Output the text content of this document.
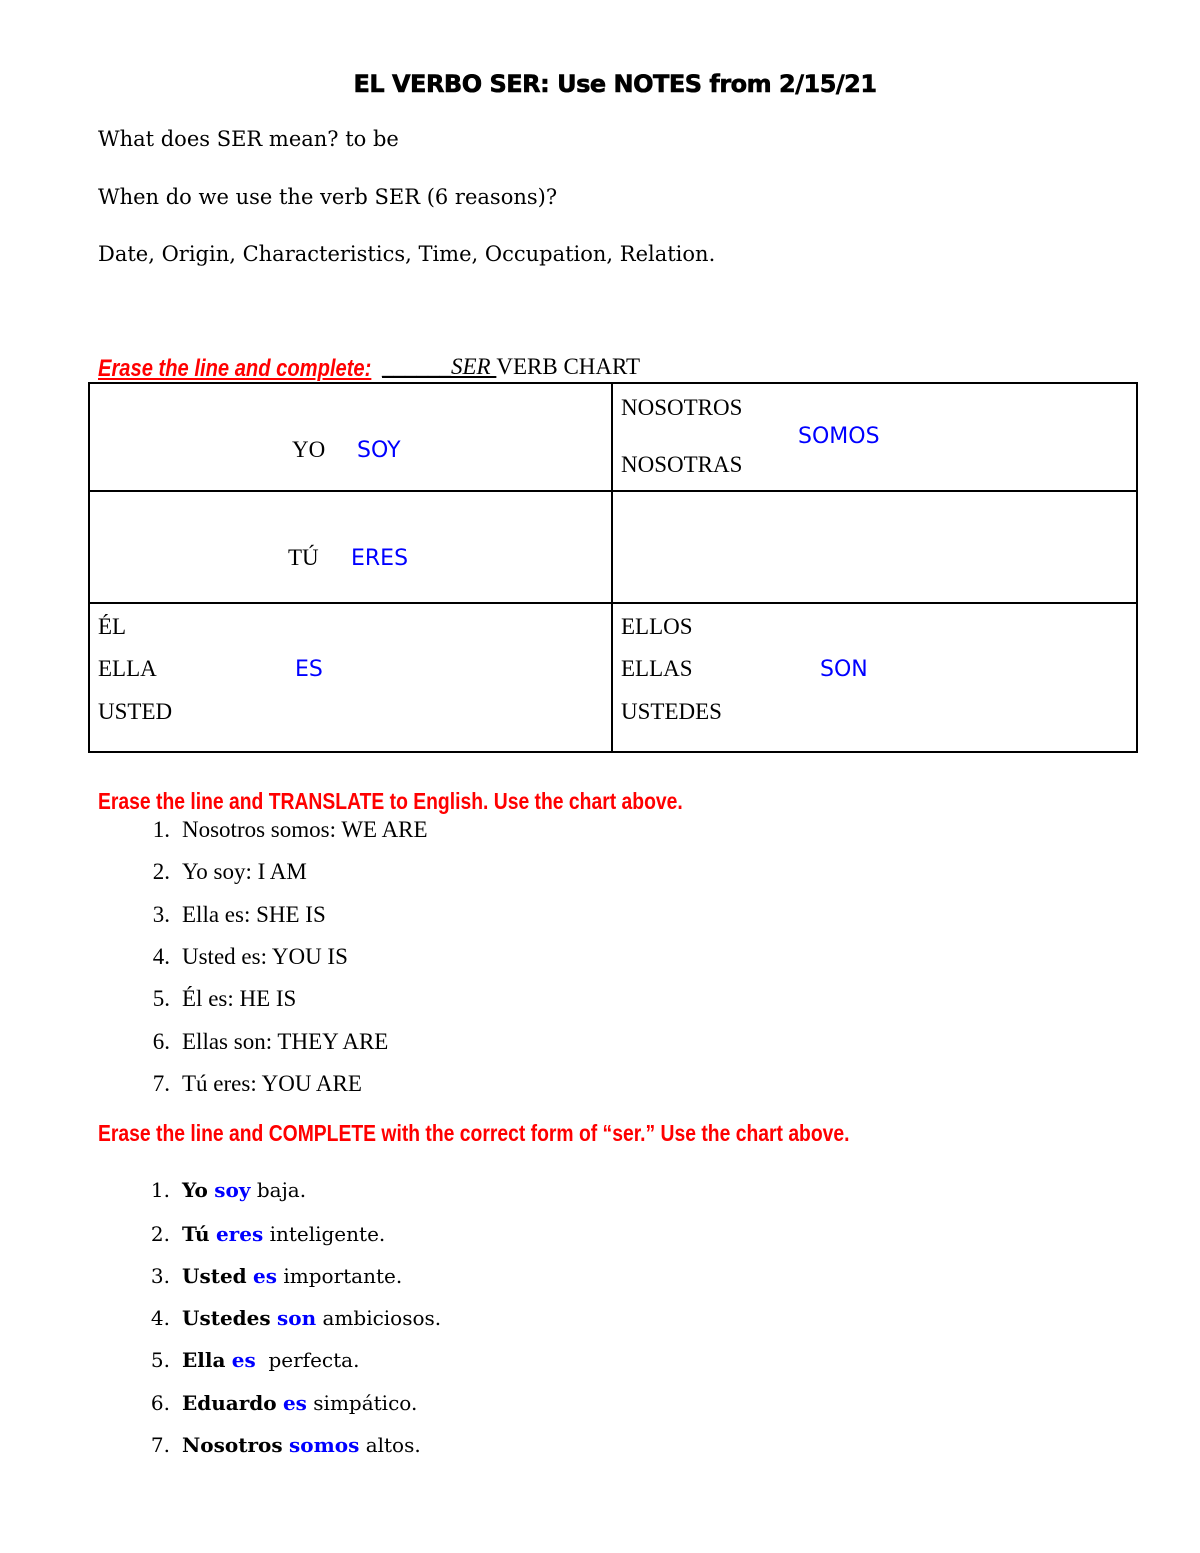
EL VERBO SER: Use NOTES from 2/15/21
What does SER mean? to be
When do we use the verb SER (6 reasons)?
Date, Origin, Characteristics, Time, Occupation, Relation.
Erase the line and complete: ______SER VERB CHART
YO SOY
NOSOTROS
SOMOS
NOSOTRAS
TÚ ERES
ÉL
ELLA	ES
USTED
ELLOS
ELLAS	SON
USTEDES
Erase the line and TRANSLATE to English. Use the chart above.
1. Nosotros somos: WE ARE
2. Yo soy: I AM
3. Ella es: SHE IS
4. Usted es: YOU IS
5. Él es: HE IS
6. Ellas son: THEY ARE
7. Tú eres: YOU ARE
Erase the line and COMPLETE with the correct form of “ser.” Use the chart above.
1. Yo soy baja.
2. Tú eres inteligente.
3. Usted es importante.
4. Ustedes son ambiciosos.
5. Ella es  perfecta.
6. Eduardo es simpático.
7. Nosotros somos altos.
